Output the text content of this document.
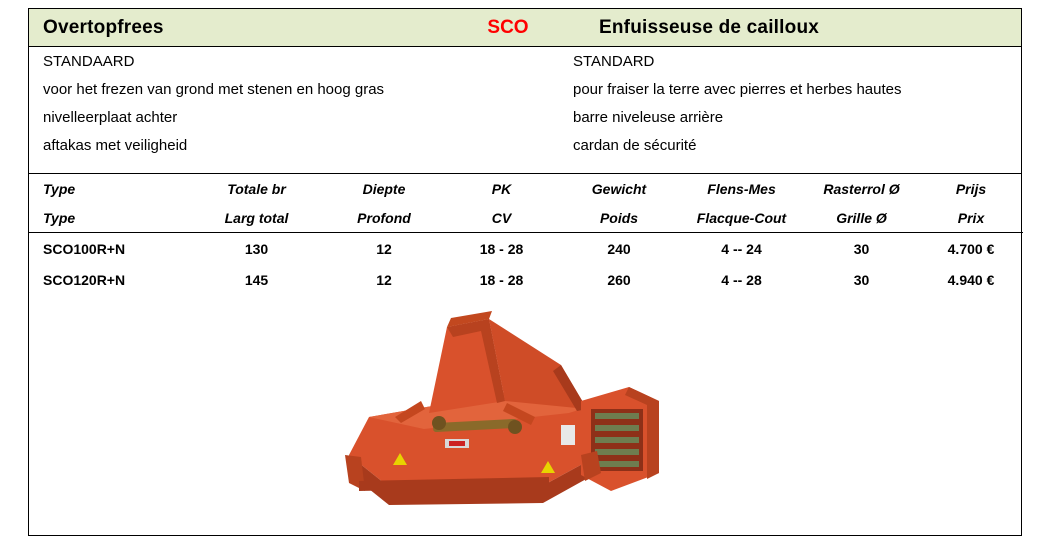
Overtopfrees	SCO	Enfuisseuse de cailloux
STANDAARD	STANDARD
voor het frezen van grond met stenen en hoog gras	pour fraiser la terre avec pierres et herbes hautes
nivelleerplaat achter	barre niveleuse arrière
aftakas met veiligheid	cardan de sécurité
Type	Totale br	Diepte	PK	Gewicht	Flens-Mes	Rasterrol Ø	Prijs
Type	Larg total	Profond	CV	Poids	Flacque-Cout	Grille Ø	Prix
SCO100R+N	130	12	18 - 28	240	4 -- 24	30	4.700 €
SCO120R+N	145	12	18 - 28	260	4 -- 28	30	4.940 €
